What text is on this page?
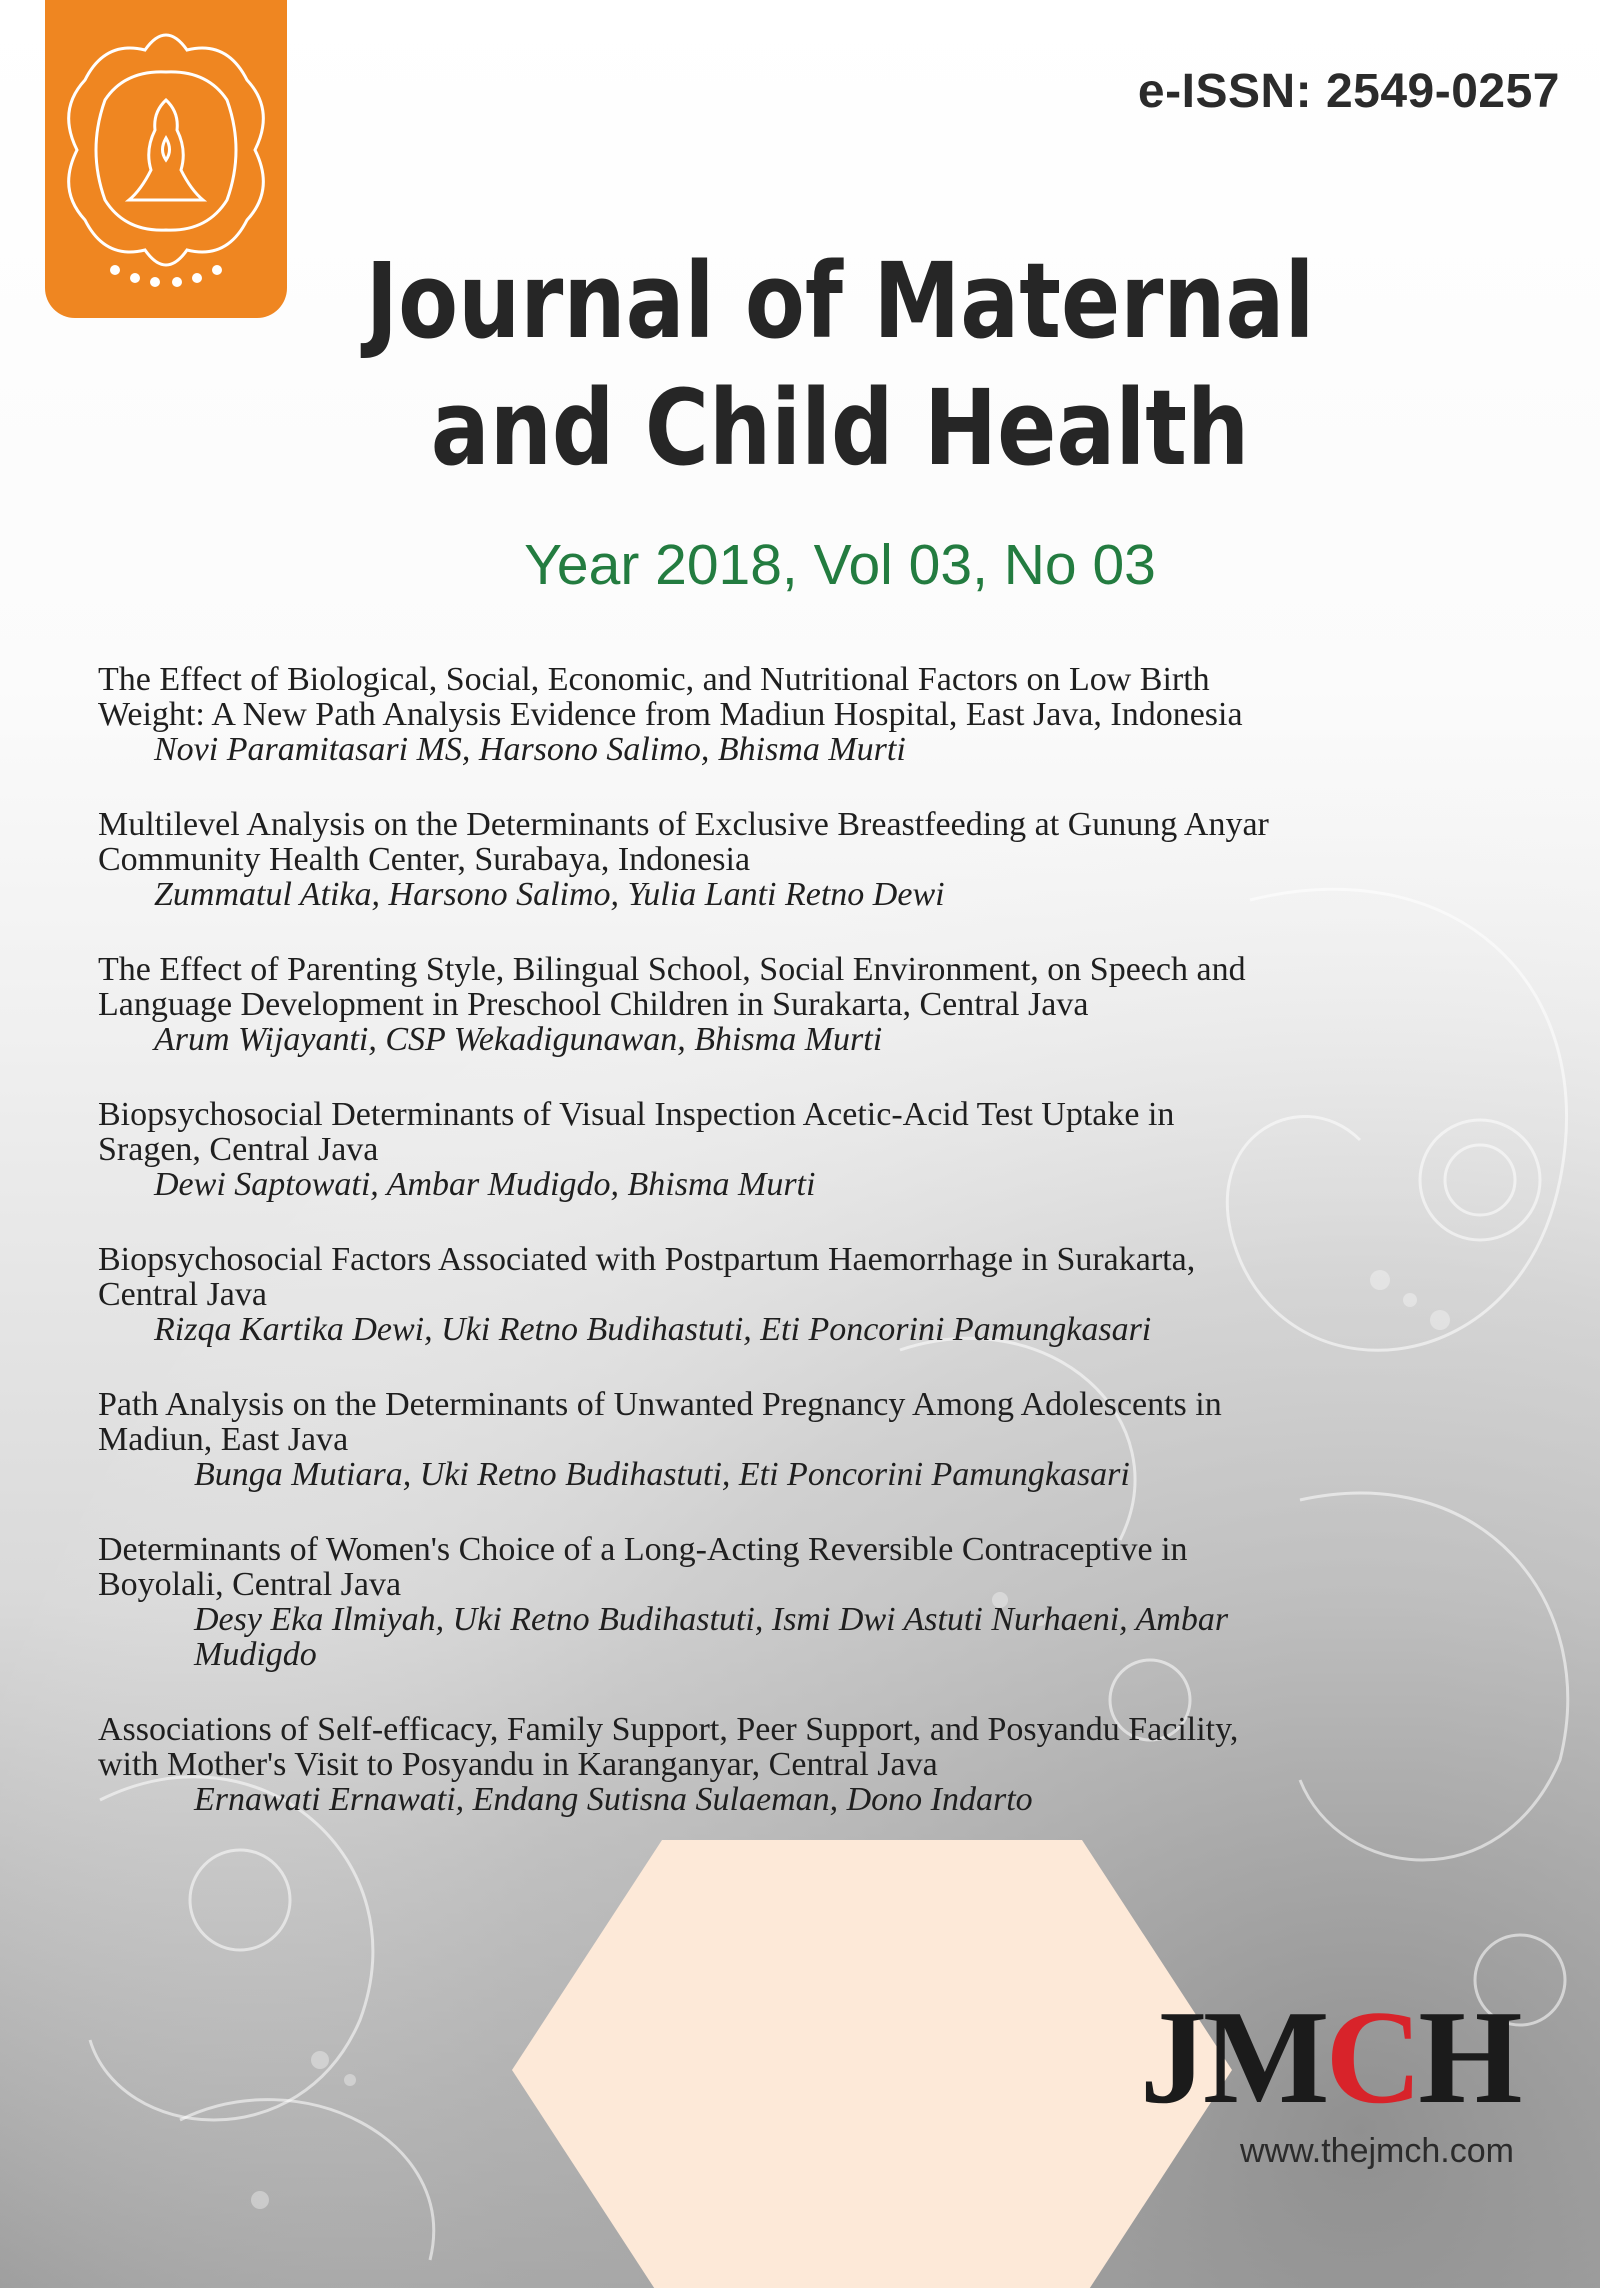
e-ISSN: 2549-0257
Journal of Maternal
and Child Health
Year 2018, Vol 03, No 03
The Effect of Biological, Social, Economic, and Nutritional Factors on Low Birth
Weight: A New Path Analysis Evidence from Madiun Hospital, East Java, Indonesia
Novi Paramitasari MS, Harsono Salimo, Bhisma Murti
Multilevel Analysis on the Determinants of Exclusive Breastfeeding at Gunung Anyar
Community Health Center, Surabaya, Indonesia
Zummatul Atika, Harsono Salimo, Yulia Lanti Retno Dewi
The Effect of Parenting Style, Bilingual School, Social Environment, on Speech and
Language Development in Preschool Children in Surakarta, Central Java
Arum Wijayanti, CSP Wekadigunawan, Bhisma Murti
Biopsychosocial Determinants of Visual Inspection Acetic-Acid Test Uptake in
Sragen, Central Java
Dewi Saptowati, Ambar Mudigdo, Bhisma Murti
Biopsychosocial Factors Associated with Postpartum Haemorrhage in Surakarta,
Central Java
Rizqa Kartika Dewi, Uki Retno Budihastuti, Eti Poncorini Pamungkasari
Path Analysis on the Determinants of Unwanted Pregnancy Among Adolescents in
Madiun, East Java
Bunga Mutiara, Uki Retno Budihastuti, Eti Poncorini Pamungkasari
Determinants of Women's Choice of a Long-Acting Reversible Contraceptive in
Boyolali, Central Java
Desy Eka Ilmiyah, Uki Retno Budihastuti, Ismi Dwi Astuti Nurhaeni, Ambar
Mudigdo
Associations of Self-efficacy, Family Support, Peer Support, and Posyandu Facility,
with Mother's Visit to Posyandu in Karanganyar, Central Java
Ernawati Ernawati, Endang Sutisna Sulaeman, Dono Indarto
JMCH
www.thejmch.com
